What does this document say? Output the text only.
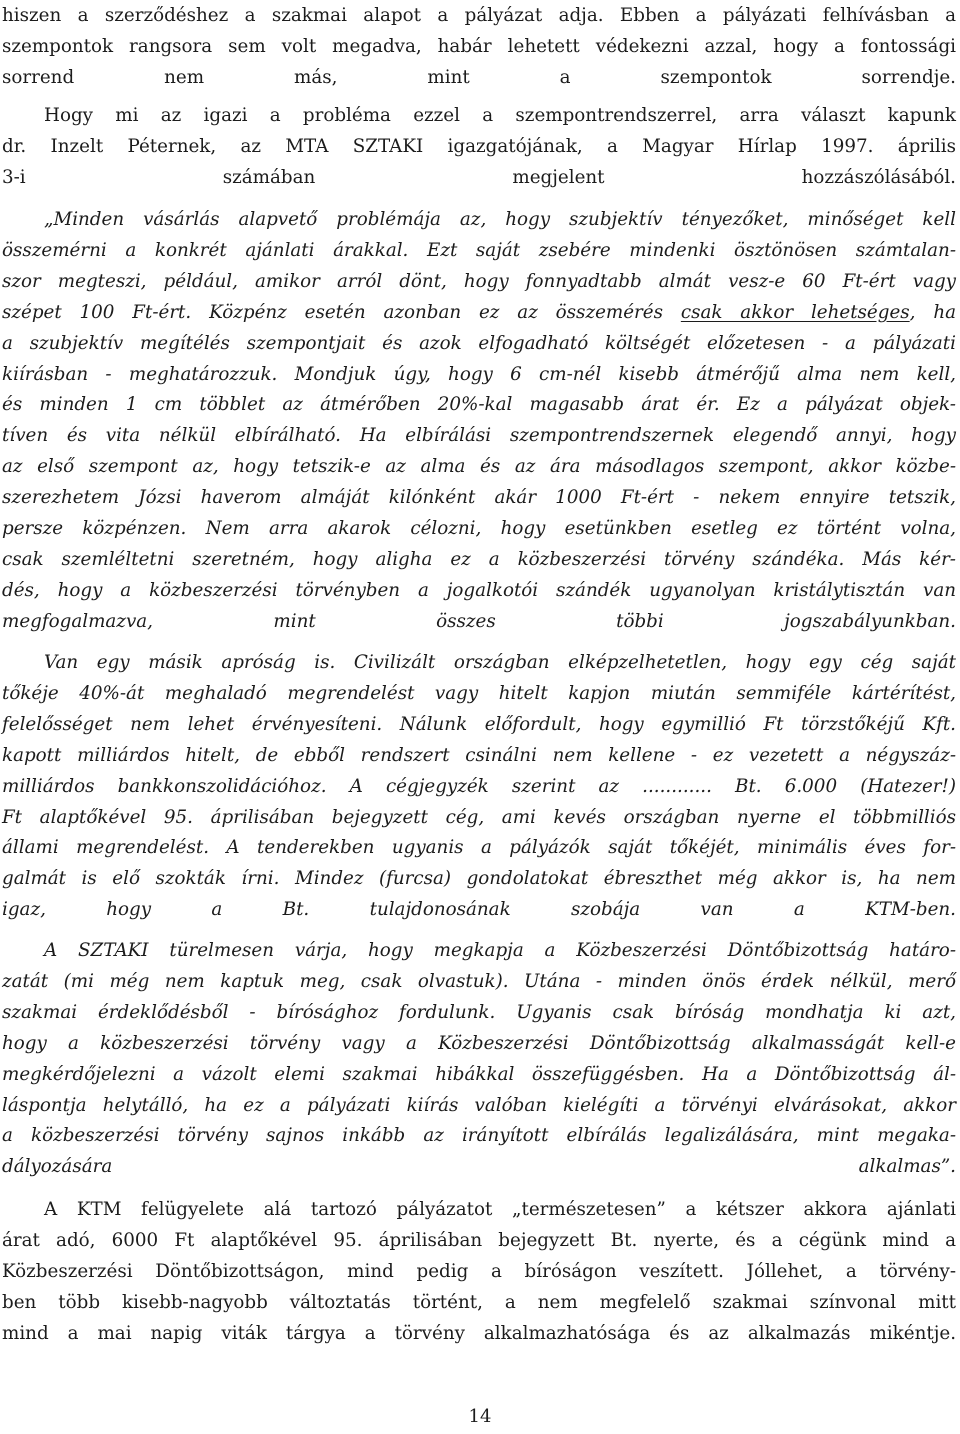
hiszen a szerződéshez a szakmai alapot a pályázat adja. Ebben a pályázati felhívásban a
szempontok rangsora sem volt megadva, habár lehetett védekezni azzal, hogy a fontossági
sorrend nem más, mint a szempontok sorrendje.
Hogy mi az igazi a probléma ezzel a szempontrendszerrel, arra választ kapunk
dr. Inzelt Péternek, az MTA SZTAKI igazgatójának, a Magyar Hírlap 1997. április
3-i számában megjelent hozzászólásából.
„Minden vásárlás alapvető problémája az, hogy szubjektív tényezőket, minőséget kell
összemérni a konkrét ajánlati árakkal. Ezt saját zsebére mindenki ösztönösen számtalan-
szor megteszi, például, amikor arról dönt, hogy fonnyadtabb almát vesz-e 60 Ft-ért vagy
szépet 100 Ft-ért. Közpénz esetén azonban ez az összemérés csak akkor lehetséges, ha
a szubjektív megítélés szempontjait és azok elfogadható költségét előzetesen - a pályázati
kiírásban - meghatározzuk. Mondjuk úgy, hogy 6 cm-nél kisebb átmérőjű alma nem kell,
és minden 1 cm többlet az átmérőben 20%-kal magasabb árat ér. Ez a pályázat objek-
tíven és vita nélkül elbírálható. Ha elbírálási szempontrendszernek elegendő annyi, hogy
az első szempont az, hogy tetszik-e az alma és az ára másodlagos szempont, akkor közbe-
szerezhetem Józsi haverom almáját kilónként akár 1000 Ft-ért - nekem ennyire tetszik,
persze közpénzen. Nem arra akarok célozni, hogy esetünkben esetleg ez történt volna,
csak szemléltetni szeretném, hogy aligha ez a közbeszerzési törvény szándéka. Más kér-
dés, hogy a közbeszerzési törvényben a jogalkotói szándék ugyanolyan kristálytisztán van
megfogalmazva, mint összes többi jogszabályunkban.
Van egy másik apróság is. Civilizált országban elképzelhetetlen, hogy egy cég saját
tőkéje 40%-át meghaladó megrendelést vagy hitelt kapjon miután semmiféle kártérítést,
felelősséget nem lehet érvényesíteni. Nálunk előfordult, hogy egymillió Ft törzstőkéjű Kft.
kapott milliárdos hitelt, de ebből rendszert csinálni nem kellene - ez vezetett a négyszáz-
milliárdos bankkonszolidációhoz. A cégjegyzék szerint az ............ Bt. 6.000 (Hatezer!)
Ft alaptőkével 95. áprilisában bejegyzett cég, ami kevés országban nyerne el többmilliós
állami megrendelést. A tenderekben ugyanis a pályázók saját tőkéjét, minimális éves for-
galmát is elő szokták írni. Mindez (furcsa) gondolatokat ébreszthet még akkor is, ha nem
igaz, hogy a Bt. tulajdonosának szobája van a KTM-ben.
A SZTAKI türelmesen várja, hogy megkapja a Közbeszerzési Döntőbizottság határo-
zatát (mi még nem kaptuk meg, csak olvastuk). Utána - minden önös érdek nélkül, merő
szakmai érdeklődésből - bírósághoz fordulunk. Ugyanis csak bíróság mondhatja ki azt,
hogy a közbeszerzési törvény vagy a Közbeszerzési Döntőbizottság alkalmasságát kell-e
megkérdőjelezni a vázolt elemi szakmai hibákkal összefüggésben. Ha a Döntőbizottság ál-
láspontja helytálló, ha ez a pályázati kiírás valóban kielégíti a törvényi elvárásokat, akkor
a közbeszerzési törvény sajnos inkább az irányított elbírálás legalizálására, mint megaka-
dályozására alkalmas”.
A KTM felügyelete alá tartozó pályázatot „természetesen” a kétszer akkora ajánlati
árat adó, 6000 Ft alaptőkével 95. áprilisában bejegyzett Bt. nyerte, és a cégünk mind a
Közbeszerzési Döntőbizottságon, mind pedig a bíróságon veszített. Jóllehet, a törvény-
ben több kisebb-nagyobb változtatás történt, a nem megfelelő szakmai színvonal mitt
mind a mai napig viták tárgya a törvény alkalmazhatósága és az alkalmazás mikéntje.
14
